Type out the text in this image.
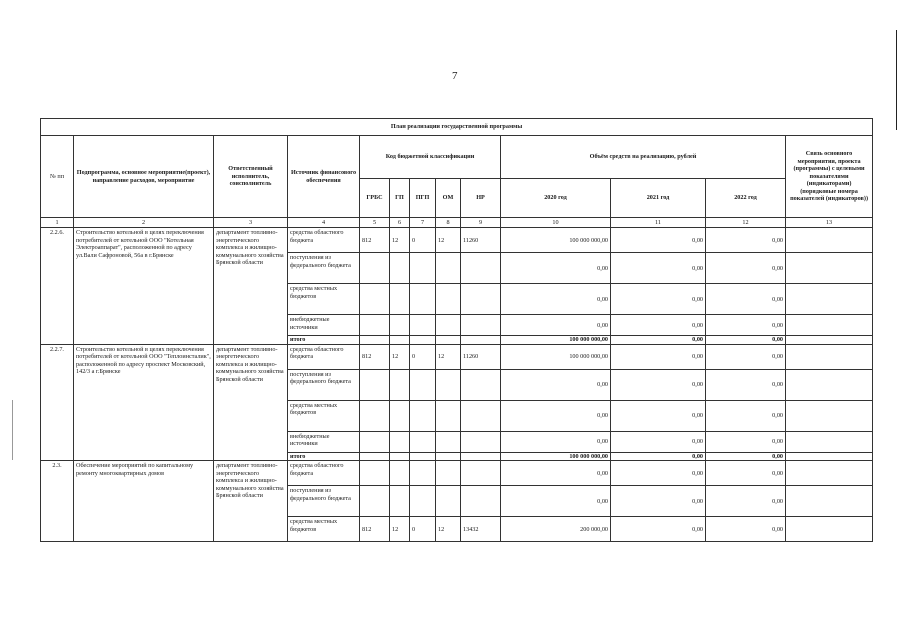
7
План реализации государственной программы												
№ пп	Подпрограмма, основное мероприятие(проект), направление расходов, мероприятие	Ответственный исполнитель, соисполнитель	Источник финансового обеспечения	Код бюджетной классификации					Объём средств на реализацию, рублей			Связь основного мероприятия, проекта (программы) с целевыми показателями (индикаторами) (порядковые номера показателей (индикаторов))
				ГРБС	ГП	ПГП	ОМ	НР	2020 год	2021 год	2022 год	
1	2	3	4	5	6	7	8	9	10	11	12	13
2.2.6.	Строительство котельной в целях переключения потребителей от котельной ООО "Котельная Электроаппарат", расположенной по адресу ул.Вали Сафроновой, 56а в г.Брянске	департамент топливно-энергетического комплекса и жилищно-коммунального хозяйства Брянской области	средства областного бюджета	812	12	0	12	11260	100 000 000,00	0,00	0,00	
			поступления из федерального бюджета						0,00	0,00	0,00	
			средства местных бюджетов						0,00	0,00	0,00	
			внебюджетные источники						0,00	0,00	0,00	
			итого						100 000 000,00	0,00	0,00	
2.2.7.	Строительство котельной в целях переключения потребителей от котельной ООО "Теплоинсталик", расположенной по адресу проспект Московский, 142/3 а г.Брянске	департамент топливно-энергетического комплекса и жилищно-коммунального хозяйства Брянской области	средства областного бюджета	812	12	0	12	11260	100 000 000,00	0,00	0,00	
			поступления из федерального бюджета						0,00	0,00	0,00	
			средства местных бюджетов						0,00	0,00	0,00	
			внебюджетные источники						0,00	0,00	0,00	
			итого						100 000 000,00	0,00	0,00	
2.3.	Обеспечение мероприятий по капитальному ремонту многоквартирных домов	департамент топливно-энергетического комплекса и жилищно-коммунального хозяйства Брянской области	средства областного бюджета						0,00	0,00	0,00	
			поступления из федерального бюджета						0,00	0,00	0,00	
			средства местных бюджетов	812	12	0	12	13432	200 000,00	0,00	0,00	
